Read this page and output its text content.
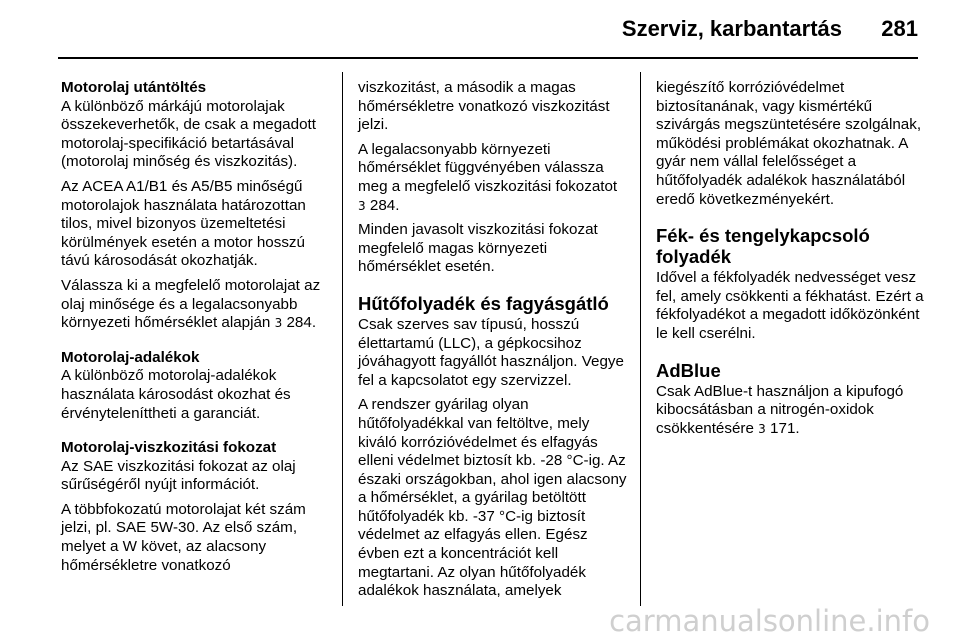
Szerviz, karbantartás 281
Motorolaj utántöltés

A különböző márkájú motorolajak összekeverhetők, de csak a megadott motorolaj-specifikáció betartásával (motorolaj minőség és viszkozitás).

Az ACEA A1/B1 és A5/B5 minőségű motorolajok használata határozottan tilos, mivel bizonyos üzemeltetési körülmények esetén a motor hosszú távú károsodását okozhatják.

Válassza ki a megfelelő motorolajat az olaj minősége és a legalacsonyabb környezeti hőmérséklet alapján 3 284.

Motorolaj-adalékok

A különböző motorolaj-adalékok használata károsodást okozhat és érvényteleníttheti a garanciát.

Motorolaj-viszkozitási fokozat

Az SAE viszkozitási fokozat az olaj sűrűségéről nyújt információt.

A többfokozatú motorolajat két szám jelzi, pl. SAE 5W-30. Az első szám, melyet a W követ, az alacsony hőmérsékletre vonatkozó

viszkozitást, a második a magas hőmérsékletre vonatkozó viszkozitást jelzi.

A legalacsonyabb környezeti hőmérséklet függvényében válassza meg a megfelelő viszkozitási fokozatot 3 284.

Minden javasolt viszkozitási fokozat megfelelő magas környezeti hőmérséklet esetén.

Hűtőfolyadék és fagyásgátló

Csak szerves sav típusú, hosszú élettartamú (LLC), a gépkocsihoz jóváhagyott fagyállót használjon. Vegye fel a kapcsolatot egy szervizzel.

A rendszer gyárilag olyan hűtőfolyadékkal van feltöltve, mely kiváló korrózióvédelmet és elfagyás elleni védelmet biztosít kb. -28 °C-ig. Az északi országokban, ahol igen alacsony a hőmérséklet, a gyárilag betöltött hűtőfolyadék kb. -37 °C-ig biztosít védelmet az elfagyás ellen. Egész évben ezt a koncentrációt kell megtartani. Az olyan hűtőfolyadék adalékok használata, amelyek

kiegészítő korrózióvédelmet biztosítanának, vagy kismértékű szivárgás megszüntetésére szolgálnak, működési problémákat okozhatnak. A gyár nem vállal felelősséget a hűtőfolyadék adalékok használatából eredő következményekért.

Fék- és tengelykapcsoló folyadék

Idővel a fékfolyadék nedvességet vesz fel, amely csökkenti a fékhatást. Ezért a fékfolyadékot a megadott időközönként le kell cserélni.

AdBlue

Csak AdBlue-t használjon a kipufogó kibocsátásban a nitrogén-oxidok csökkentésére 3 171.

carmanualsonline.info
